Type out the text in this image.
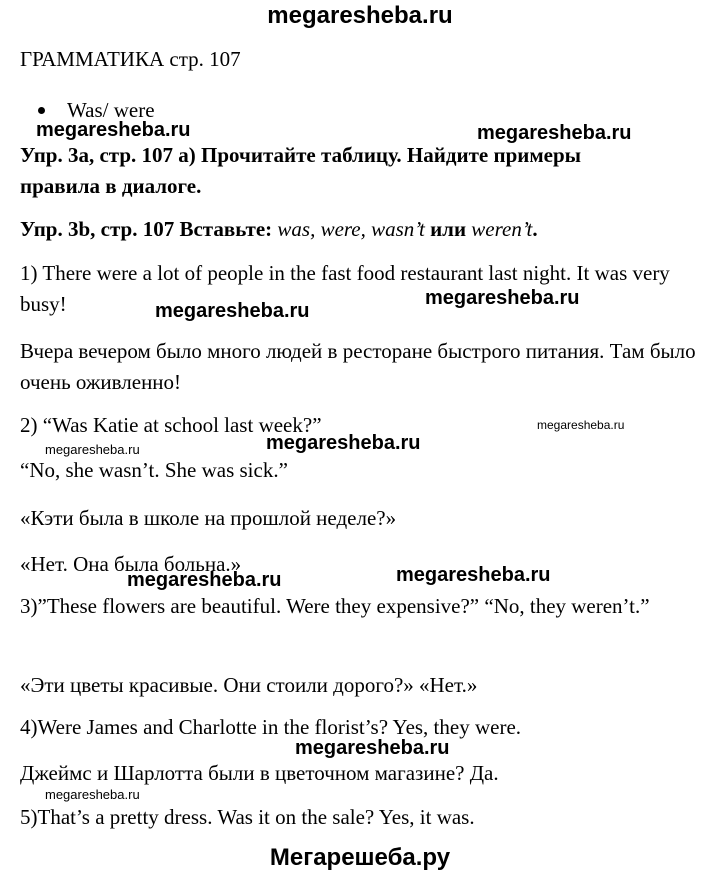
megaresheba.ru

ГРАММАТИКА стр. 107

Was/ were

Упр. 3a, стр. 107 а) Прочитайте таблицу. Найдите примеры правила в диалоге.

Упр. 3b, стр. 107 Вставьте: was, were, wasn’t или weren’t.

1) There were a lot of people in the fast food restaurant last night. It was very busy!

Вчера вечером было много людей в ресторане быстрого питания. Там было очень оживленно!

2) “Was Katie at school last week?”

“No, she wasn’t. She was sick.”

«Кэти была в школе на прошлой неделе?»

«Нет. Она была больна.»

3)”These flowers are beautiful. Were they expensive?” “No, they weren’t.”

«Эти цветы красивые. Они стоили дорого?» «Нет.»

4)Were James and Charlotte in the florist’s? Yes, they were.

Джеймс и Шарлотта были в цветочном магазине? Да.

5)That’s a pretty dress. Was it on the sale? Yes, it was.

megaresheba.ru	megaresheba.ru
megaresheba.ru
megaresheba.ru
megaresheba.ru
megaresheba.ru
megaresheba.ru
megaresheba.ru
megaresheba.ru
megaresheba.ru
megaresheba.ru
Мегарешеба.ру
